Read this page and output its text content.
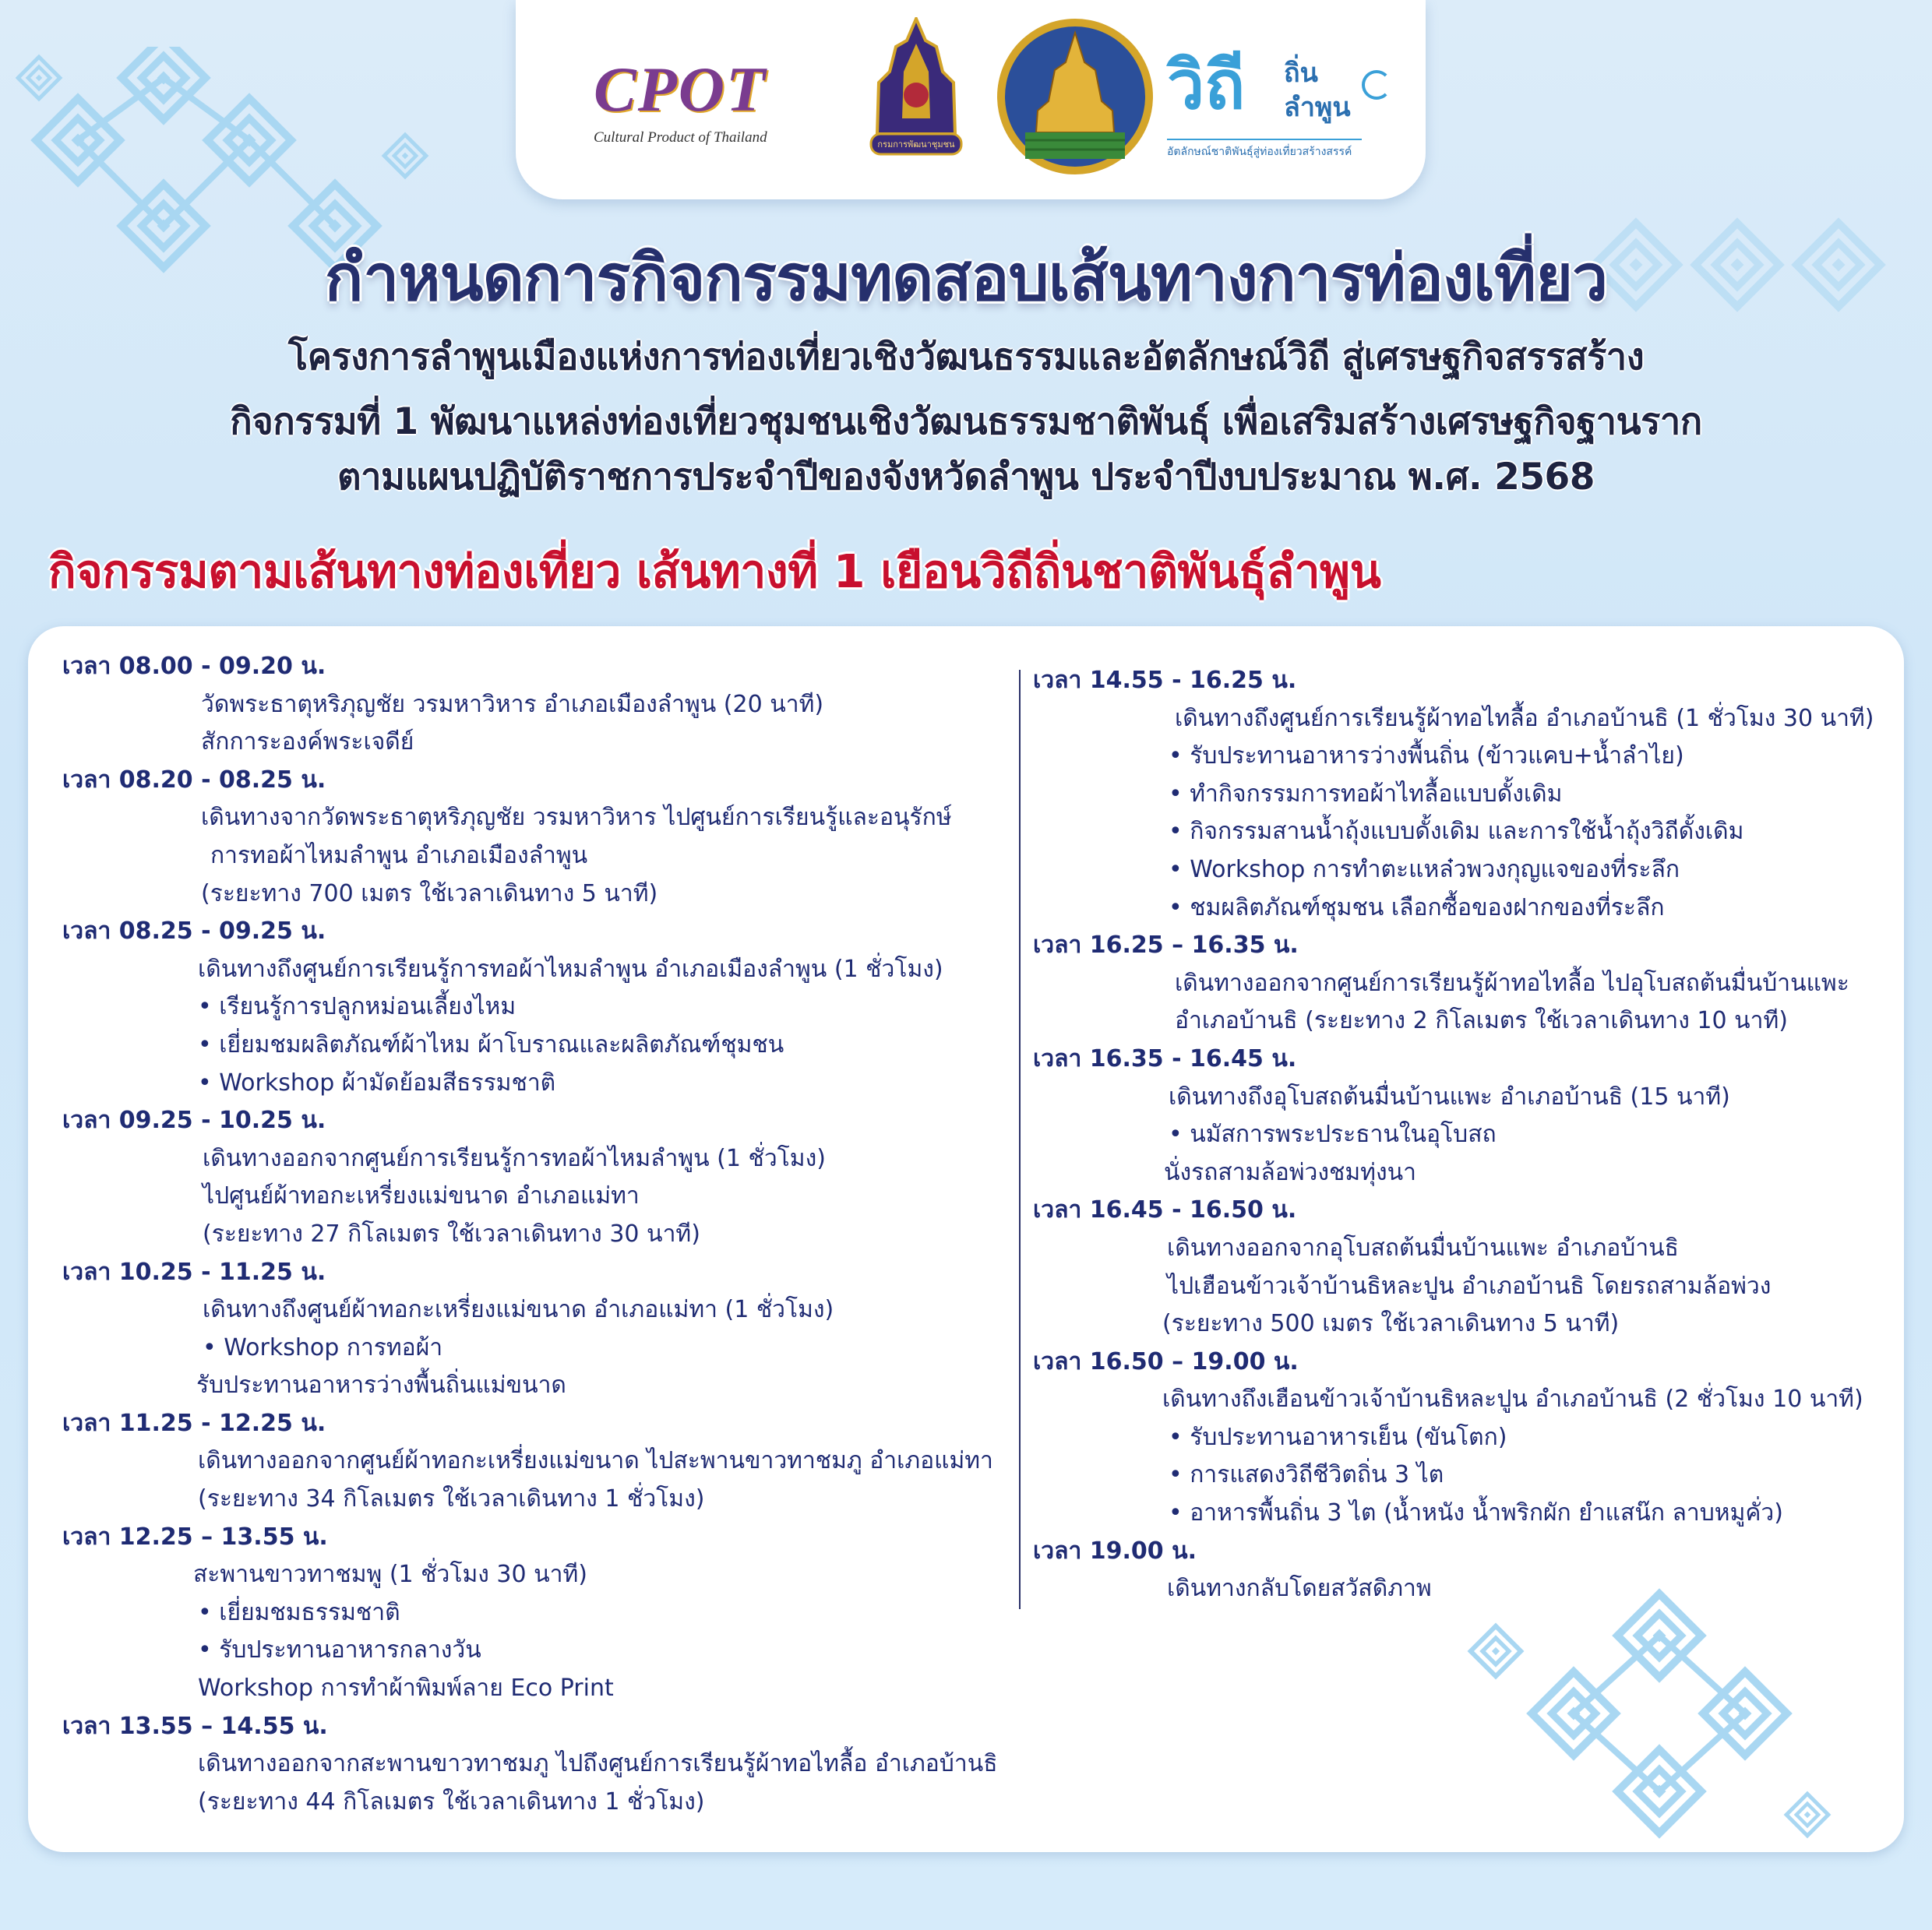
CPOT
Cultural Product of Thailand	กรมการพัฒนาชุมชน
วิถี ถิ่น
ลำพูน
อัตลักษณ์ชาติพันธุ์สู่ท่องเที่ยวสร้างสรรค์
กำหนดการกิจกรรมทดสอบเส้นทางการท่องเที่ยว
โครงการลำพูนเมืองแห่งการท่องเที่ยวเชิงวัฒนธรรมและอัตลักษณ์วิถี สู่เศรษฐกิจสรรสร้าง
กิจกรรมที่ 1 พัฒนาแหล่งท่องเที่ยวชุมชนเชิงวัฒนธรรมชาติพันธุ์ เพื่อเสริมสร้างเศรษฐกิจฐานราก
ตามแผนปฏิบัติราชการประจำปีของจังหวัดลำพูน ประจำปีงบประมาณ พ.ศ. 2568
กิจกรรมตามเส้นทางท่องเที่ยว เส้นทางที่ 1 เยือนวิถีถิ่นชาติพันธุ์ลำพูน
เวลา 08.00 - 09.20 น.
วัดพระธาตุหริภุญชัย วรมหาวิหาร อำเภอเมืองลำพูน (20 นาที)
สักการะองค์พระเจดีย์
เวลา 08.20 - 08.25 น.
เดินทางจากวัดพระธาตุหริภุญชัย วรมหาวิหาร ไปศูนย์การเรียนรู้และอนุรักษ์
การทอผ้าไหมลำพูน อำเภอเมืองลำพูน
(ระยะทาง 700 เมตร ใช้เวลาเดินทาง 5 นาที)
เวลา 08.25 - 09.25 น.
เดินทางถึงศูนย์การเรียนรู้การทอผ้าไหมลำพูน อำเภอเมืองลำพูน (1 ชั่วโมง)
• เรียนรู้การปลูกหม่อนเลี้ยงไหม
• เยี่ยมชมผลิตภัณฑ์ผ้าไหม ผ้าโบราณและผลิตภัณฑ์ชุมชน
• Workshop ผ้ามัดย้อมสีธรรมชาติ
เวลา 09.25 - 10.25 น.
เดินทางออกจากศูนย์การเรียนรู้การทอผ้าไหมลำพูน (1 ชั่วโมง)
ไปศูนย์ผ้าทอกะเหรี่ยงแม่ขนาด อำเภอแม่ทา
(ระยะทาง 27 กิโลเมตร ใช้เวลาเดินทาง 30 นาที)
เวลา 10.25 - 11.25 น.
เดินทางถึงศูนย์ผ้าทอกะเหรี่ยงแม่ขนาด อำเภอแม่ทา (1 ชั่วโมง)
• Workshop การทอผ้า
รับประทานอาหารว่างพื้นถิ่นแม่ขนาด
เวลา 11.25 - 12.25 น.
เดินทางออกจากศูนย์ผ้าทอกะเหรี่ยงแม่ขนาด ไปสะพานขาวทาชมภู อำเภอแม่ทา
(ระยะทาง 34 กิโลเมตร ใช้เวลาเดินทาง 1 ชั่วโมง)
เวลา 12.25 – 13.55 น.
สะพานขาวทาชมพู (1 ชั่วโมง 30 นาที)
• เยี่ยมชมธรรมชาติ
• รับประทานอาหารกลางวัน
Workshop การทำผ้าพิมพ์ลาย Eco Print
เวลา 13.55 – 14.55 น.
เดินทางออกจากสะพานขาวทาชมภู ไปถึงศูนย์การเรียนรู้ผ้าทอไทลื้อ อำเภอบ้านธิ
(ระยะทาง 44 กิโลเมตร ใช้เวลาเดินทาง 1 ชั่วโมง)
เวลา 14.55 - 16.25 น.
เดินทางถึงศูนย์การเรียนรู้ผ้าทอไทลื้อ อำเภอบ้านธิ (1 ชั่วโมง 30 นาที)
• รับประทานอาหารว่างพื้นถิ่น (ข้าวแคบ+น้ำลำไย)
• ทำกิจกรรมการทอผ้าไทลื้อแบบดั้งเดิม
• กิจกรรมสานน้ำถุ้งแบบดั้งเดิม และการใช้น้ำถุ้งวิถีดั้งเดิม
• Workshop การทำตะแหล๋วพวงกุญแจของที่ระลึก
• ชมผลิตภัณฑ์ชุมชน เลือกซื้อของฝากของที่ระลึก
เวลา 16.25 – 16.35 น.
เดินทางออกจากศูนย์การเรียนรู้ผ้าทอไทลื้อ ไปอุโบสถต้นมื่นบ้านแพะ
อำเภอบ้านธิ (ระยะทาง 2 กิโลเมตร ใช้เวลาเดินทาง 10 นาที)
เวลา 16.35 - 16.45 น.
เดินทางถึงอุโบสถต้นมื่นบ้านแพะ อำเภอบ้านธิ (15 นาที)
• นมัสการพระประธานในอุโบสถ
นั่งรถสามล้อพ่วงชมทุ่งนา
เวลา 16.45 - 16.50 น.
เดินทางออกจากอุโบสถต้นมื่นบ้านแพะ อำเภอบ้านธิ
ไปเฮือนข้าวเจ้าบ้านธิหละปูน อำเภอบ้านธิ โดยรถสามล้อพ่วง
(ระยะทาง 500 เมตร ใช้เวลาเดินทาง 5 นาที)
เวลา 16.50 – 19.00 น.
เดินทางถึงเฮือนข้าวเจ้าบ้านธิหละปูน อำเภอบ้านธิ (2 ชั่วโมง 10 นาที)
• รับประทานอาหารเย็น (ขันโตก)
• การแสดงวิถีชีวิตถิ่น 3 ไต
• อาหารพื้นถิ่น 3 ไต (น้ำหนัง น้ำพริกผัก ยำแสน๊ก ลาบหมูคั่ว)
เวลา 19.00 น.
เดินทางกลับโดยสวัสดิภาพ
